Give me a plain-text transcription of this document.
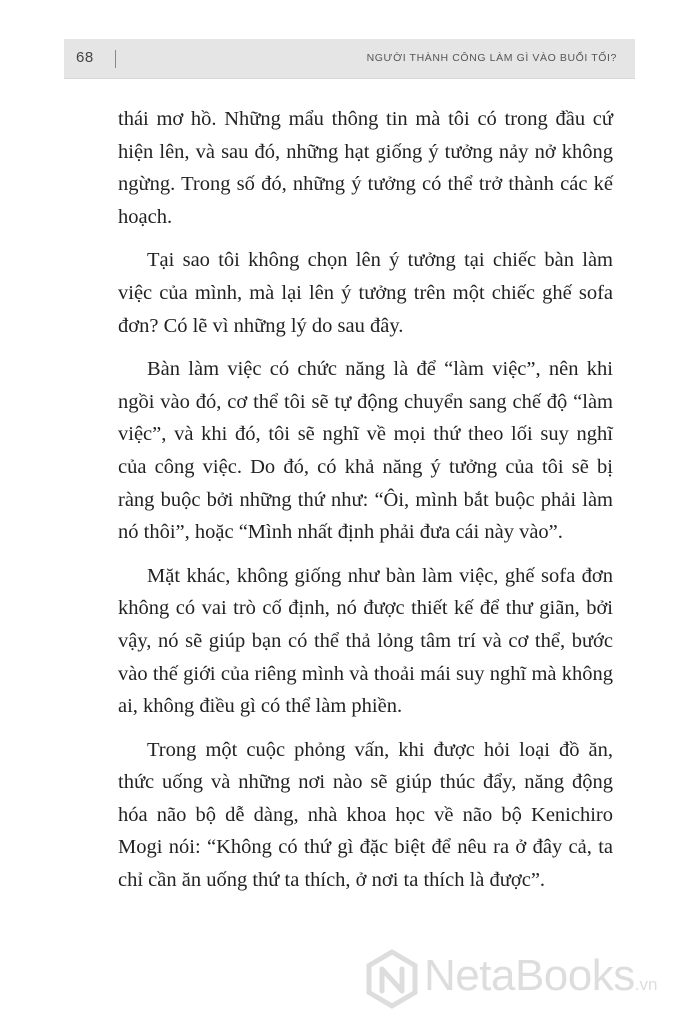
68	NGƯỜI THÀNH CÔNG LÀM GÌ VÀO BUỔI TỐI?

thái mơ hồ. Những mẩu thông tin mà tôi có trong đầu cứ hiện lên, và sau đó, những hạt giống ý tưởng nảy nở không ngừng. Trong số đó, những ý tưởng có thể trở thành các kế hoạch.

Tại sao tôi không chọn lên ý tưởng tại chiếc bàn làm việc của mình, mà lại lên ý tưởng trên một chiếc ghế sofa đơn? Có lẽ vì những lý do sau đây.

Bàn làm việc có chức năng là để “làm việc”, nên khi ngồi vào đó, cơ thể tôi sẽ tự động chuyển sang chế độ “làm việc”, và khi đó, tôi sẽ nghĩ về mọi thứ theo lối suy nghĩ của công việc. Do đó, có khả năng ý tưởng của tôi sẽ bị ràng buộc bởi những thứ như: “Ôi, mình bắt buộc phải làm nó thôi”, hoặc “Mình nhất định phải đưa cái này vào”.

Mặt khác, không giống như bàn làm việc, ghế sofa đơn không có vai trò cố định, nó được thiết kế để thư giãn, bởi vậy, nó sẽ giúp bạn có thể thả lỏng tâm trí và cơ thể, bước vào thế giới của riêng mình và thoải mái suy nghĩ mà không ai, không điều gì có thể làm phiền.

Trong một cuộc phỏng vấn, khi được hỏi loại đồ ăn, thức uống và những nơi nào sẽ giúp thúc đẩy, năng động hóa não bộ dễ dàng, nhà khoa học về não bộ Kenichiro Mogi nói: “Không có thứ gì đặc biệt để nêu ra ở đây cả, ta chỉ cần ăn uống thứ ta thích, ở nơi ta thích là được”.

NetaBooks.vn
